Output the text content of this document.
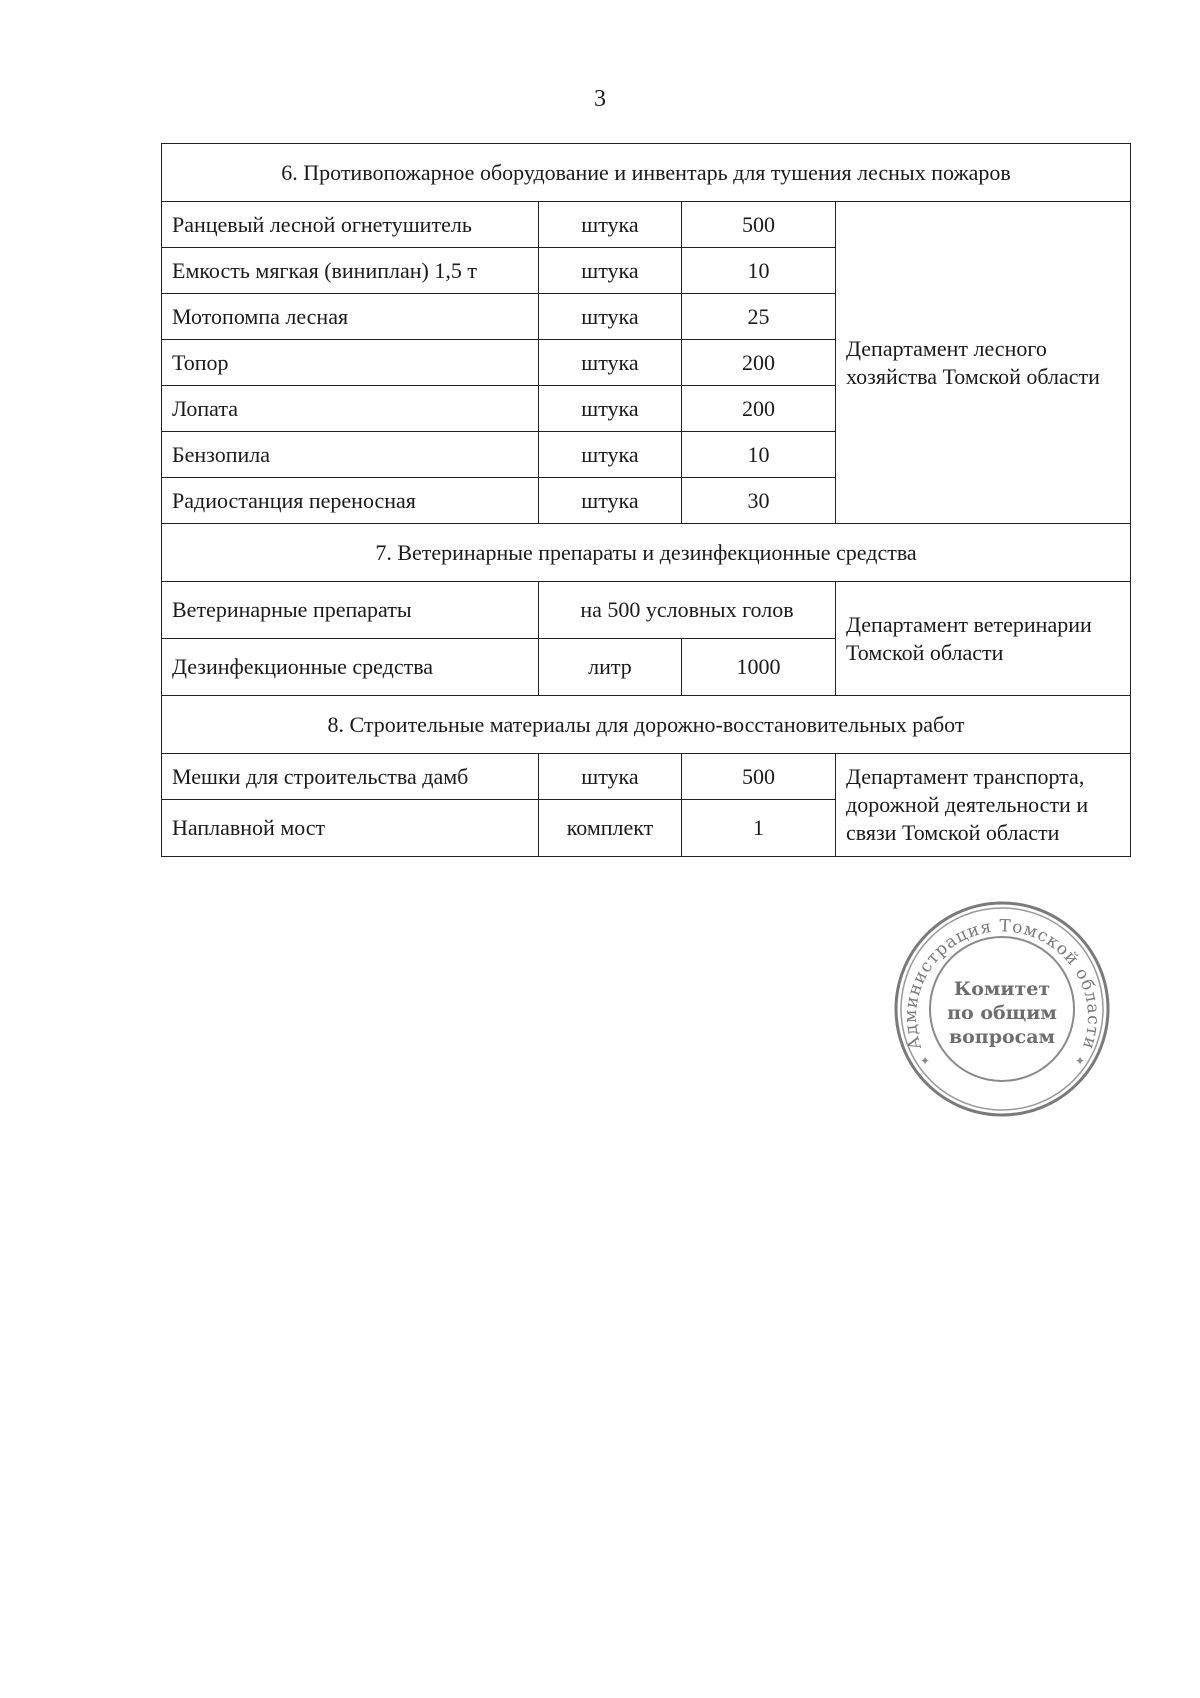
3
6. Противопожарное оборудование и инвентарь для тушения лесных пожаров			
Ранцевый лесной огнетушитель	штука	500	Департамент лесного хозяйства Томской области
Емкость мягкая (виниплан) 1,5 т	штука	10	
Мотопомпа лесная	штука	25	
Топор	штука	200	
Лопата	штука	200	
Бензопила	штука	10	
Радиостанция переносная	штука	30	
7. Ветеринарные препараты и дезинфекционные средства			
Ветеринарные препараты	на 500 условных голов		Департамент ветеринарии Томской области
Дезинфекционные средства	литр	1000	
8. Строительные материалы для дорожно-восстановительных работ			
Мешки для строительства дамб	штука	500	Департамент транспорта, дорожной деятельности и связи Томской области
Наплавной мост	комплект	1	
Администрация Томской области
✦	✦
Комитет
по общим
вопросам
